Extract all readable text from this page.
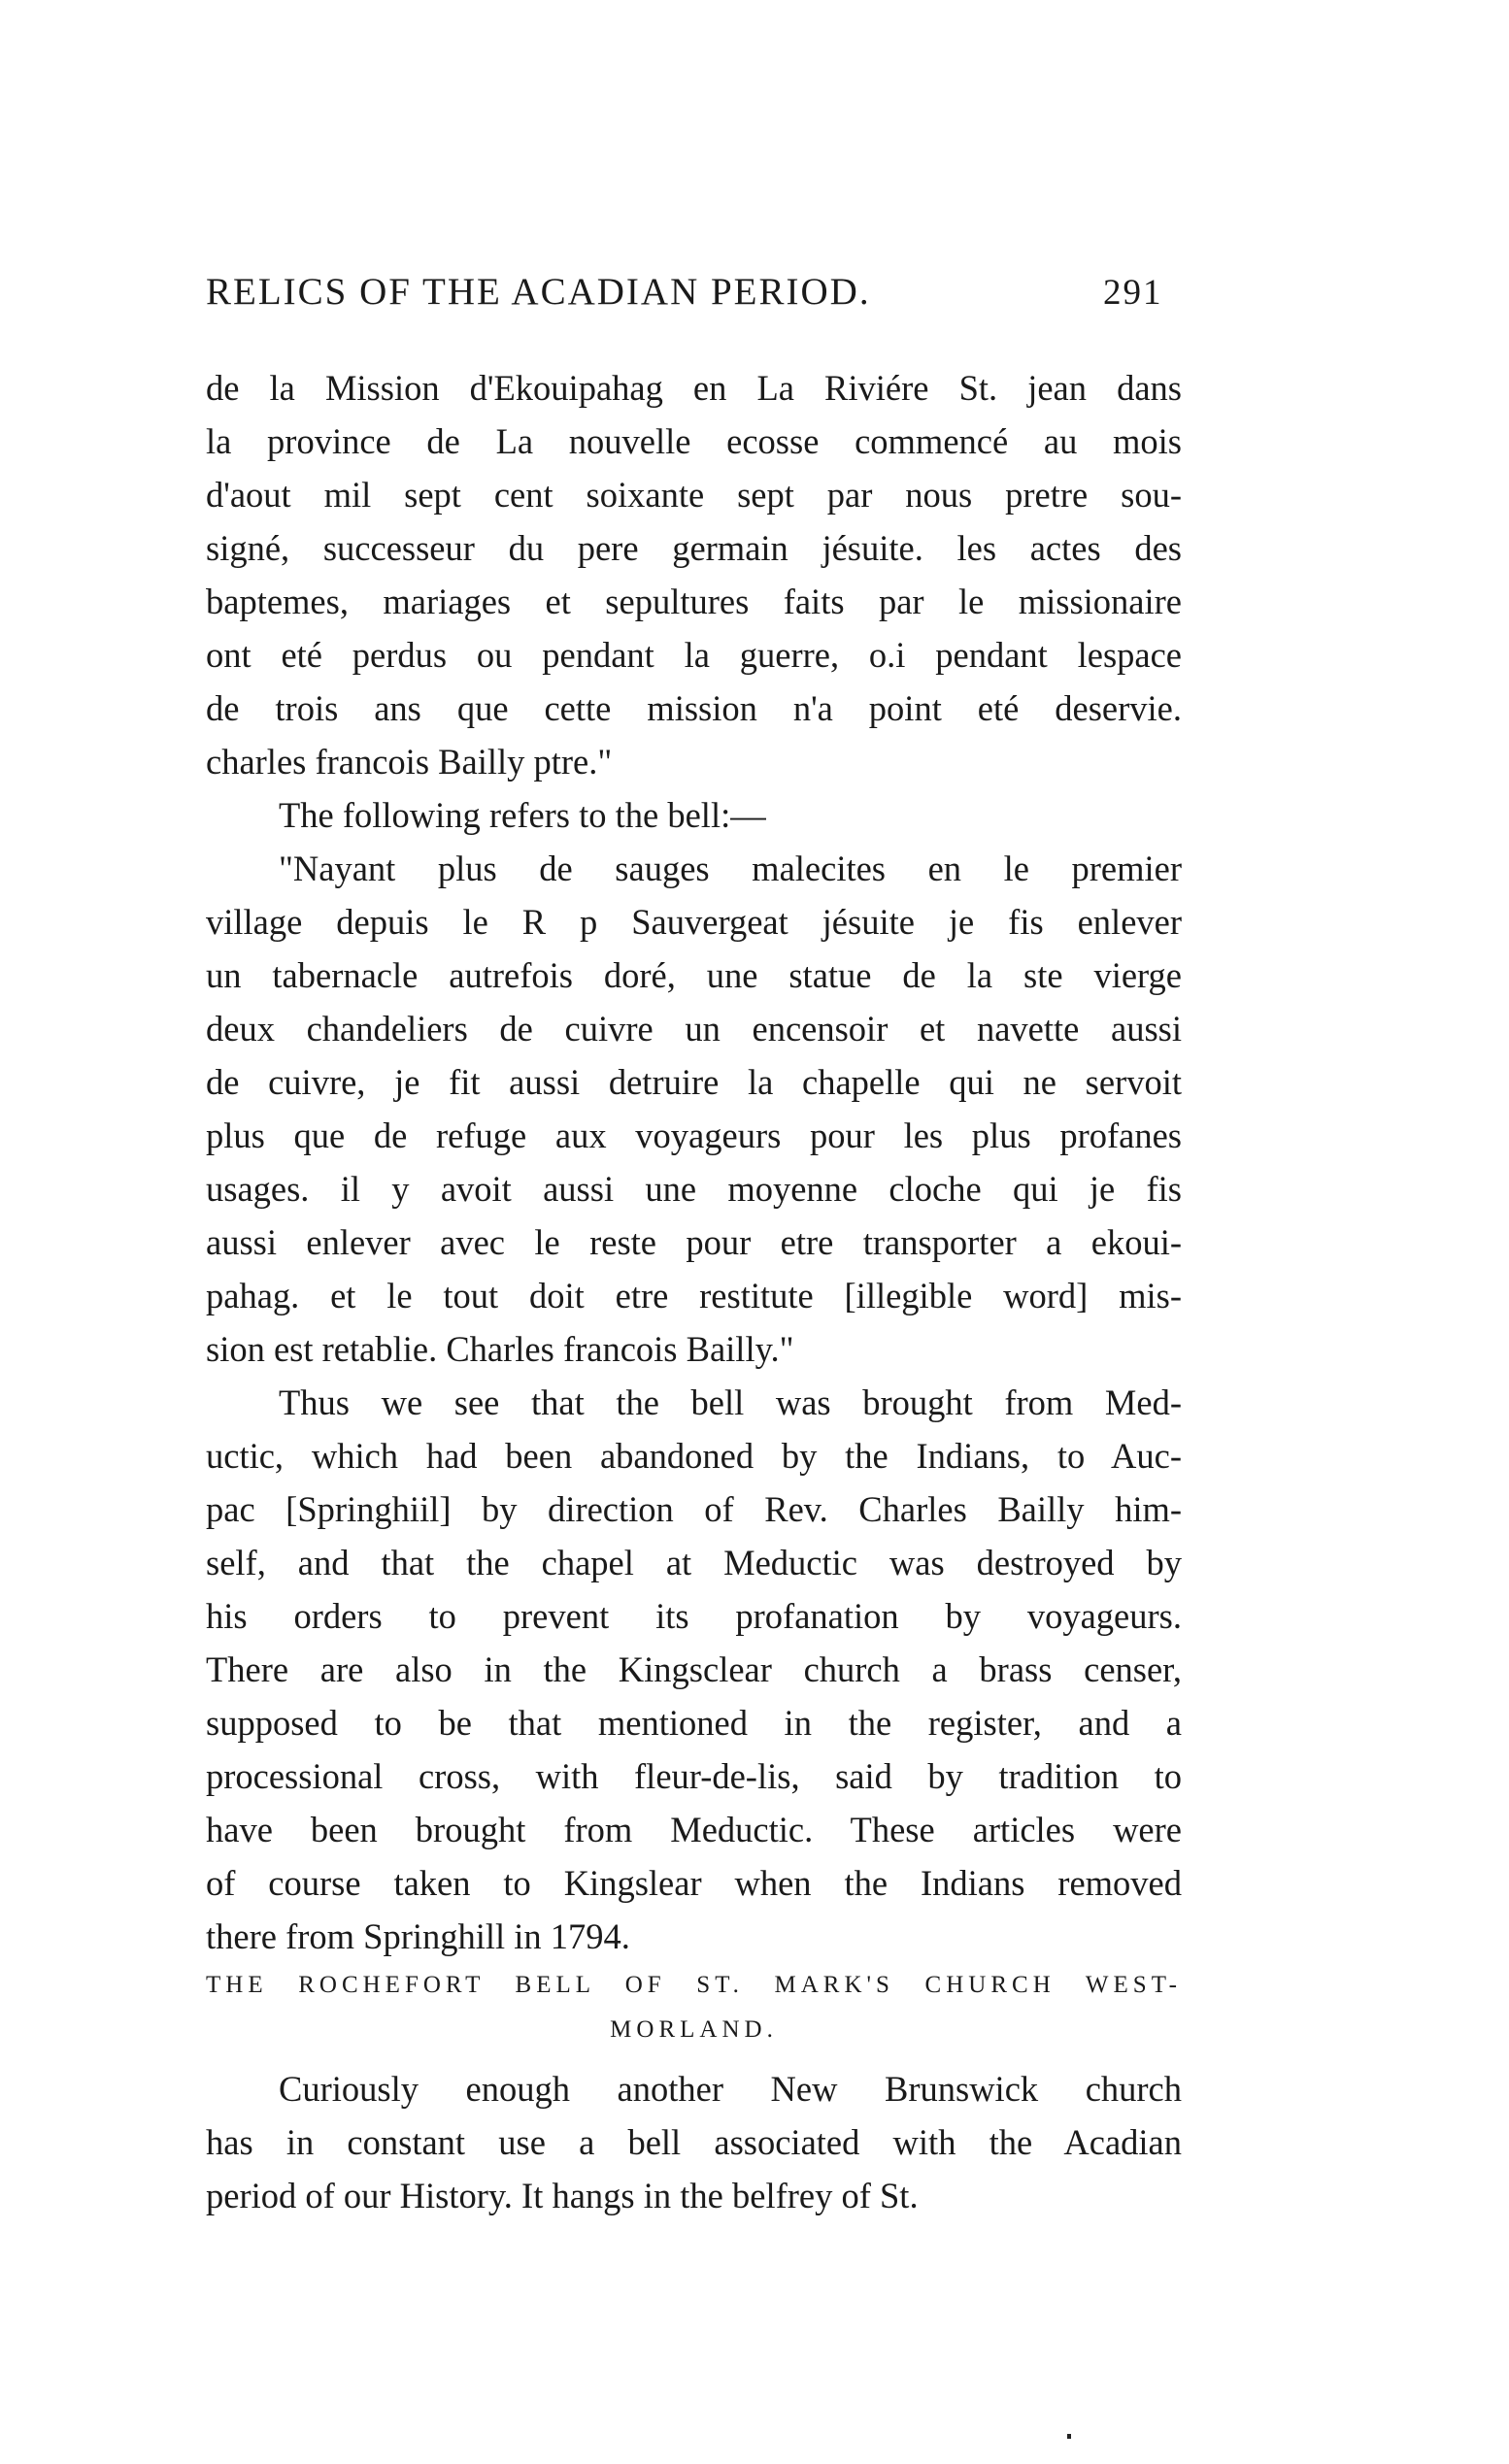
RELICS OF THE ACADIAN PERIOD.	291
de la Mission d'Ekouipahag en La Riviére St. jean dans
la province de La nouvelle ecosse commencé au mois
d'aout mil sept cent soixante sept par nous pretre sou-
signé, successeur du pere germain jésuite. les actes des
baptemes, mariages et sepultures faits par le missionaire
ont eté perdus ou pendant la guerre, o.i pendant lespace
de trois ans que cette mission n'a point eté deservie.
charles francois Bailly ptre."
The following refers to the bell:—
"Nayant plus de sauges malecites en le premier
village depuis le R p Sauvergeat jésuite je fis enlever
un tabernacle autrefois doré, une statue de la ste vierge
deux chandeliers de cuivre un encensoir et navette aussi
de cuivre, je fit aussi detruire la chapelle qui ne servoit
plus que de refuge aux voyageurs pour les plus profanes
usages. il y avoit aussi une moyenne cloche qui je fis
aussi enlever avec le reste pour etre transporter a ekoui-
pahag. et le tout doit etre restitute [illegible word] mis-
sion est retablie. Charles francois Bailly."
Thus we see that the bell was brought from Med-
uctic, which had been abandoned by the Indians, to Auc-
pac [Springhiil] by direction of Rev. Charles Bailly him-
self, and that the chapel at Meductic was destroyed by
his orders to prevent its profanation by voyageurs.
There are also in the Kingsclear church a brass censer,
supposed to be that mentioned in the register, and a
processional cross, with fleur-de-lis, said by tradition to
have been brought from Meductic. These articles were
of course taken to Kingslear when the Indians removed
there from Springhill in 1794.
THE ROCHEFORT BELL OF ST. MARK'S CHURCH WEST-
MORLAND.
Curiously enough another New Brunswick church
has in constant use a bell associated with the Acadian
period of our History. It hangs in the belfrey of St.
